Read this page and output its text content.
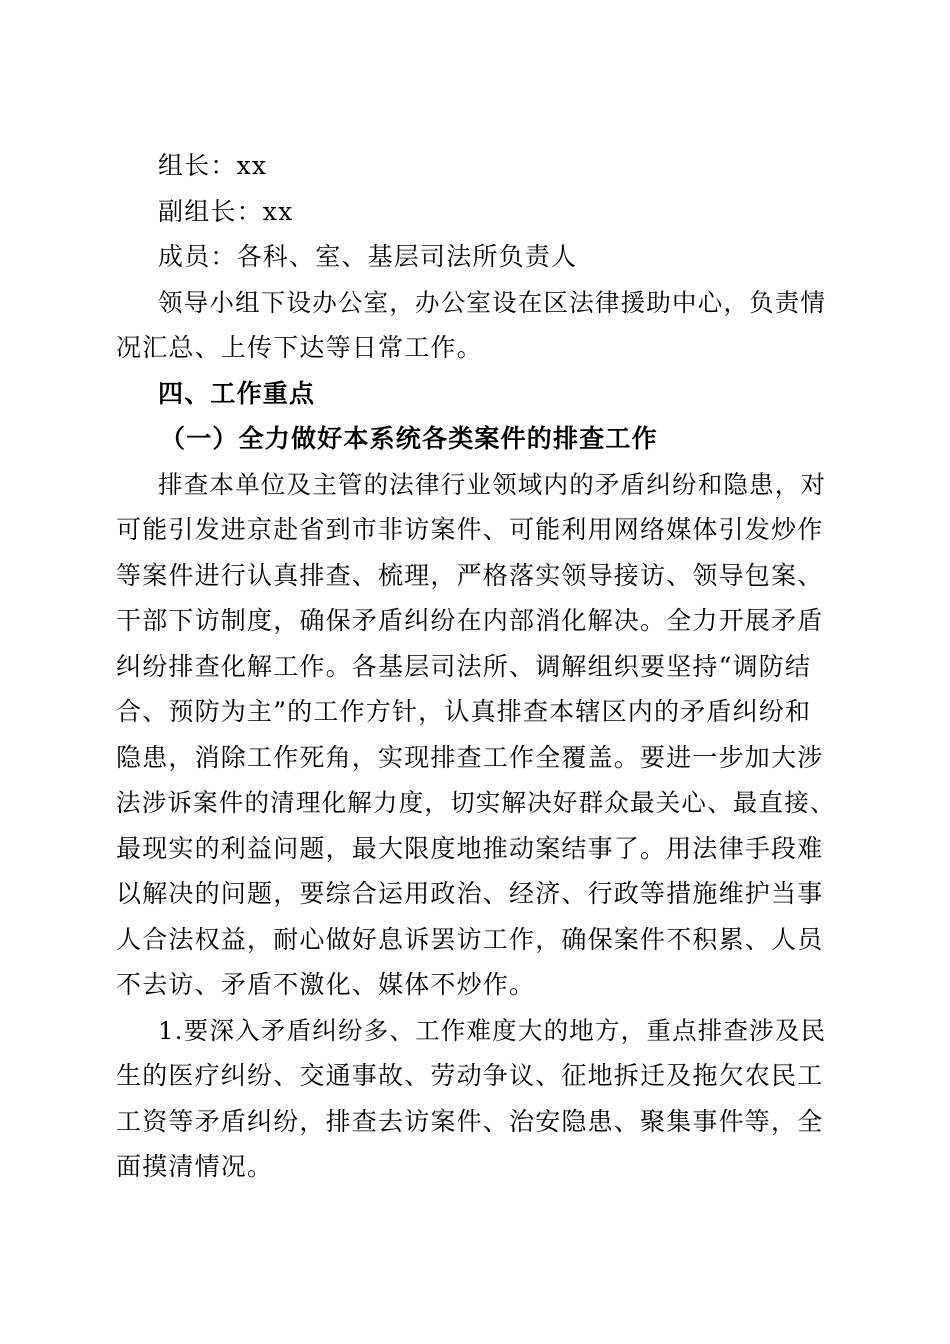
组长：xx
副组长：xx
成员：各科、室、基层司法所负责人
领导小组下设办公室，办公室设在区法律援助中心，负责情
况汇总、上传下达等日常工作。
四、工作重点
（一）全力做好本系统各类案件的排查工作
排查本单位及主管的法律行业领域内的矛盾纠纷和隐患，对
可能引发进京赴省到市非访案件、可能利用网络媒体引发炒作
等案件进行认真排查、梳理，严格落实领导接访、领导包案、
干部下访制度，确保矛盾纠纷在内部消化解决。全力开展矛盾
纠纷排查化解工作。各基层司法所、调解组织要坚持“调防结
合、预防为主”的工作方针，认真排查本辖区内的矛盾纠纷和
隐患，消除工作死角，实现排查工作全覆盖。要进一步加大涉
法涉诉案件的清理化解力度，切实解决好群众最关心、最直接、
最现实的利益问题，最大限度地推动案结事了。用法律手段难
以解决的问题，要综合运用政治、经济、行政等措施维护当事
人合法权益，耐心做好息诉罢访工作，确保案件不积累、人员
不去访、矛盾不激化、媒体不炒作。
1.要深入矛盾纠纷多、工作难度大的地方，重点排查涉及民
生的医疗纠纷、交通事故、劳动争议、征地拆迁及拖欠农民工
工资等矛盾纠纷，排查去访案件、治安隐患、聚集事件等，全
面摸清情况。
